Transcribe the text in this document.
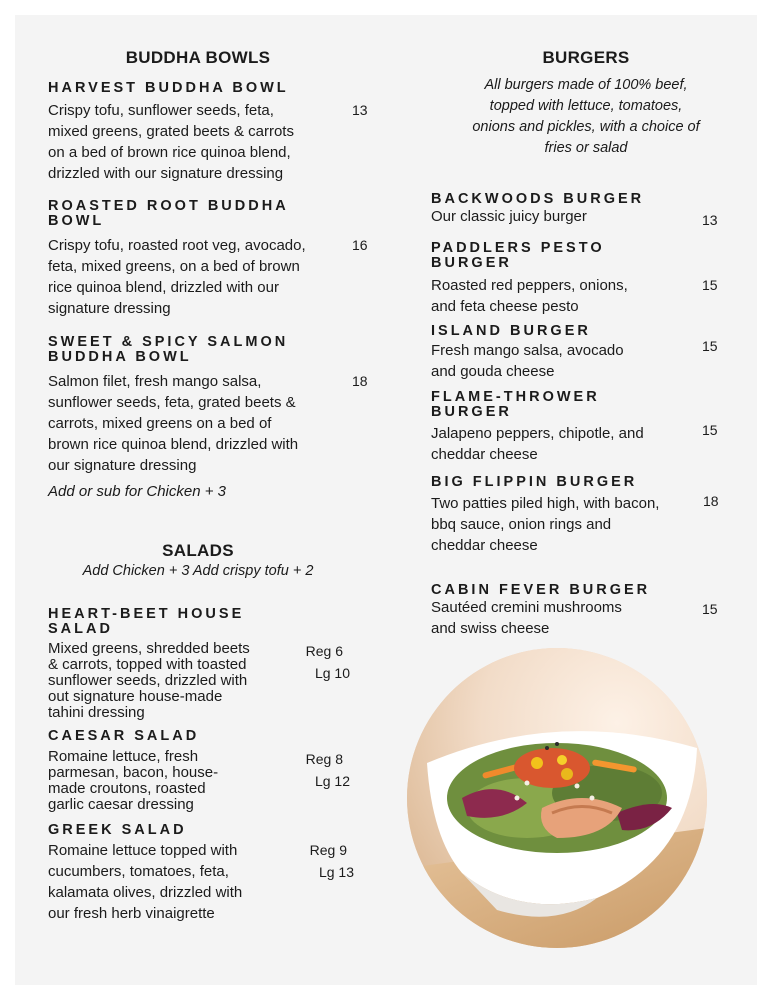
BUDDHA BOWLS

HARVEST BUDDHA BOWL

Crispy tofu, sunflower seeds, feta,
mixed greens, grated beets & carrots
on a bed of brown rice quinoa blend,
drizzled with our signature dressing
13

ROASTED ROOT BUDDHA

BOWL

Crispy tofu, roasted root veg, avocado,
feta, mixed greens, on a bed of brown
rice quinoa blend, drizzled with our
signature dressing
16

SWEET & SPICY SALMON

BUDDHA BOWL

Salmon filet, fresh mango salsa,
sunflower seeds, feta, grated beets &
carrots, mixed greens on a bed of
brown rice quinoa blend, drizzled with
our signature dressing
18
Add or sub for Chicken + 3
SALADS
Add Chicken + 3 Add crispy tofu + 2

HEART-BEET HOUSE

SALAD

Mixed greens, shredded beets
& carrots, topped with toasted
sunflower seeds, drizzled with
out signature house-made
tahini dressing
Reg 6
Lg 10

CAESAR SALAD

Romaine lettuce, fresh
parmesan, bacon, house-
made croutons, roasted
garlic caesar dressing
Reg 8
Lg 12

GREEK SALAD

Romaine lettuce topped with
cucumbers, tomatoes, feta,
kalamata olives, drizzled with
our fresh herb vinaigrette
Reg 9
Lg 13
BURGERS
All burgers made of 100% beef,
topped with lettuce, tomatoes,
onions and pickles, with a choice of
fries or salad

BACKWOODS BURGER

Our classic juicy burger	13

PADDLERS PESTO

BURGER

Roasted red peppers, onions,
and feta cheese pesto
15

ISLAND BURGER

Fresh mango salsa, avocado
and gouda cheese
15

FLAME-THROWER

BURGER

Jalapeno peppers, chipotle, and
cheddar cheese
15

BIG FLIPPIN BURGER

Two patties piled high, with bacon,
bbq sauce, onion rings and
cheddar cheese
18

CABIN FEVER BURGER

Sautéed cremini mushrooms
and swiss cheese
15
